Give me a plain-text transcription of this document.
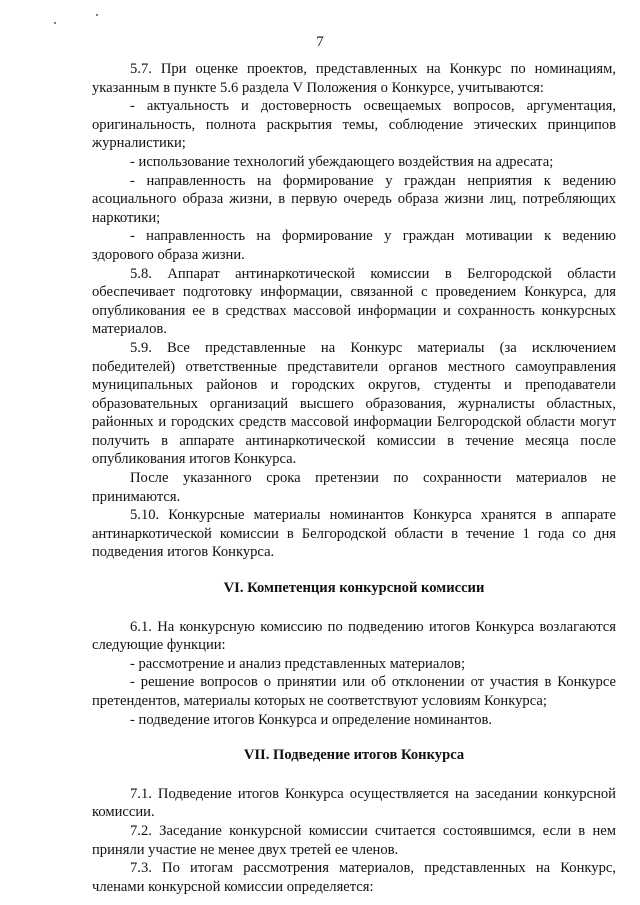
7

5.7. При оценке проектов, представленных на Конкурс по номинациям, указанным в пункте 5.6 раздела V Положения о Конкурсе, учитываются:

- актуальность и достоверность освещаемых вопросов, аргументация, оригинальность, полнота раскрытия темы, соблюдение этических принципов журналистики;

- использование технологий убеждающего воздействия на адресата;

- направленность на формирование у граждан неприятия к ведению асоциального образа жизни, в первую очередь образа жизни лиц, потребляющих наркотики;

- направленность на формирование у граждан мотивации к ведению здорового образа жизни.

5.8. Аппарат антинаркотической комиссии в Белгородской области обеспечивает подготовку информации, связанной с проведением Конкурса, для опубликования ее в средствах массовой информации и сохранность конкурсных материалов.

5.9. Все представленные на Конкурс материалы (за исключением победителей) ответственные представители органов местного самоуправления муниципальных районов и городских округов, студенты и преподаватели образовательных организаций высшего образования, журналисты областных, районных и городских средств массовой информации Белгородской области могут получить в аппарате антинаркотической комиссии в течение месяца после опубликования итогов Конкурса.

После указанного срока претензии по сохранности материалов не принимаются.

5.10. Конкурсные материалы номинантов Конкурса хранятся в аппарате антинаркотической комиссии в Белгородской области в течение 1 года со дня подведения итогов Конкурса.

VI. Компетенция конкурсной комиссии

6.1. На конкурсную комиссию по подведению итогов Конкурса возлагаются следующие функции:

- рассмотрение и анализ представленных материалов;

- решение вопросов о принятии или об отклонении от участия в Конкурсе претендентов, материалы которых не соответствуют условиям Конкурса;

- подведение итогов Конкурса и определение номинантов.

VII. Подведение итогов Конкурса

7.1. Подведение итогов Конкурса осуществляется на заседании конкурсной комиссии.

7.2. Заседание конкурсной комиссии считается состоявшимся, если в нем приняли участие не менее двух третей ее членов.

7.3. По итогам рассмотрения материалов, представленных на Конкурс, членами конкурсной комиссии определяется:
